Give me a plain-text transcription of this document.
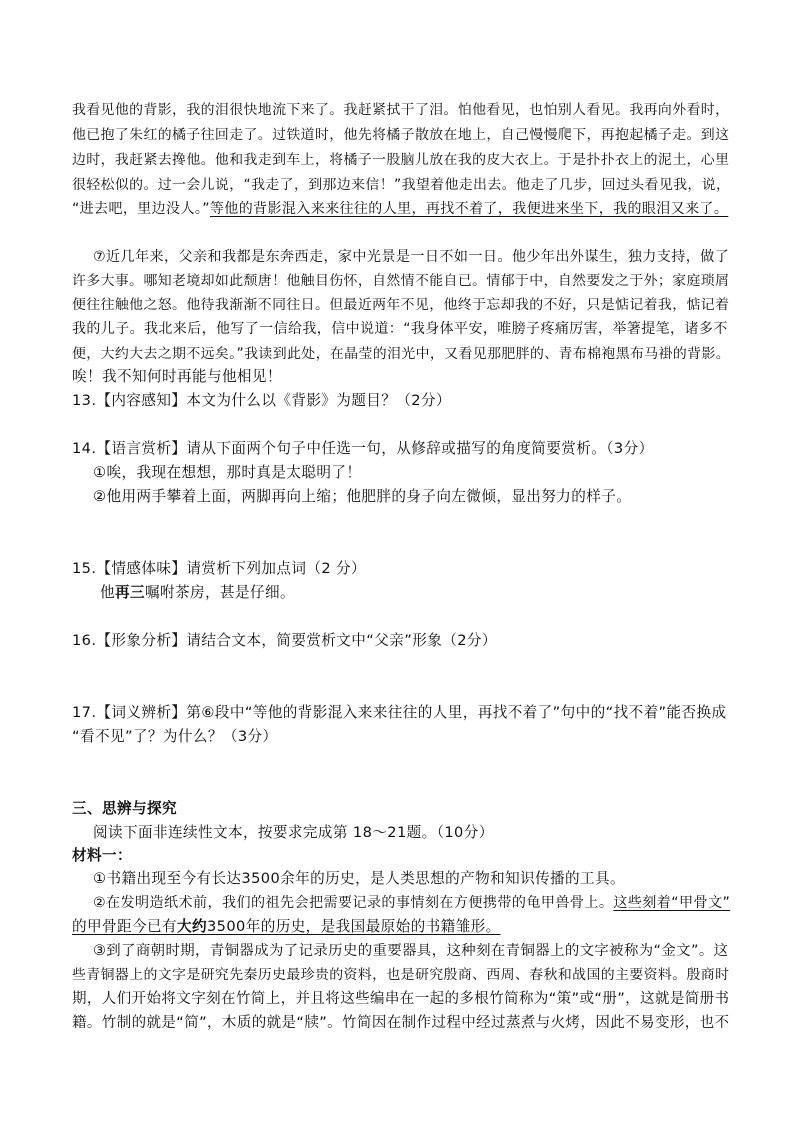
我看见他的背影，我的泪很快地流下来了。我赶紧拭干了泪。怕他看见，也怕别人看见。我再向外看时，
他已抱了朱红的橘子往回走了。过铁道时，他先将橘子散放在地上，自己慢慢爬下，再抱起橘子走。到这
边时，我赶紧去搀他。他和我走到车上，将橘子一股脑儿放在我的皮大衣上。于是扑扑衣上的泥土，心里
很轻松似的。过一会儿说，“我走了，到那边来信！”我望着他走出去。他走了几步，回过头看见我，说，
“进去吧，里边没人。”等他的背影混入来来往往的人里，再找不着了，我便进来坐下，我的眼泪又来了。
⑦近几年来，父亲和我都是东奔西走，家中光景是一日不如一日。他少年出外谋生，独力支持，做了
许多大事。哪知老境却如此颓唐！他触目伤怀，自然情不能自已。情郁于中，自然要发之于外；家庭琐屑
便往往触他之怒。他待我渐渐不同往日。但最近两年不见，他终于忘却我的不好，只是惦记着我，惦记着
我的儿子。我北来后，他写了一信给我，信中说道：“我身体平安，唯膀子疼痛厉害，举箸提笔，诸多不
便，大约大去之期不远矣。”我读到此处，在晶莹的泪光中，又看见那肥胖的、青布棉袍黑布马褂的背影。
唉！我不知何时再能与他相见！
13.【内容感知】本文为什么以《背影》为题目？（2分）
14.【语言赏析】请从下面两个句子中任选一句，从修辞或描写的角度简要赏析。（3分）
①唉，我现在想想，那时真是太聪明了！
②他用两手攀着上面，两脚再向上缩；他肥胖的身子向左微倾，显出努力的样子。
15.【情感体味】请赏析下列加点词（2 分）
他再三嘱咐茶房，甚是仔细。
16.【形象分析】请结合文本，简要赏析文中“父亲”形象（2分）
17.【词义辨析】第⑥段中“等他的背影混入来来往往的人里，再找不着了”句中的“找不着”能否换成
“看不见”了？为什么？（3分）
三、思辨与探究
阅读下面非连续性文本，按要求完成第 18～21题。（10分）
材料一：
①书籍出现至今有长达3500余年的历史，是人类思想的产物和知识传播的工具。
②在发明造纸术前，我们的祖先会把需要记录的事情刻在方便携带的龟甲兽骨上。这些刻着“甲骨文”
的甲骨距今已有大约3500年的历史，是我国最原始的书籍雏形。
③到了商朝时期，青铜器成为了记录历史的重要器具，这种刻在青铜器上的文字被称为“金文”。这
些青铜器上的文字是研究先秦历史最珍贵的资料，也是研究殷商、西周、春秋和战国的主要资料。殷商时
期，人们开始将文字刻在竹简上，并且将这些编串在一起的多根竹简称为“策”或“册”，这就是简册书
籍。竹制的就是“简”，木质的就是“牍”。竹简因在制作过程中经过蒸煮与火烤，因此不易变形，也不
